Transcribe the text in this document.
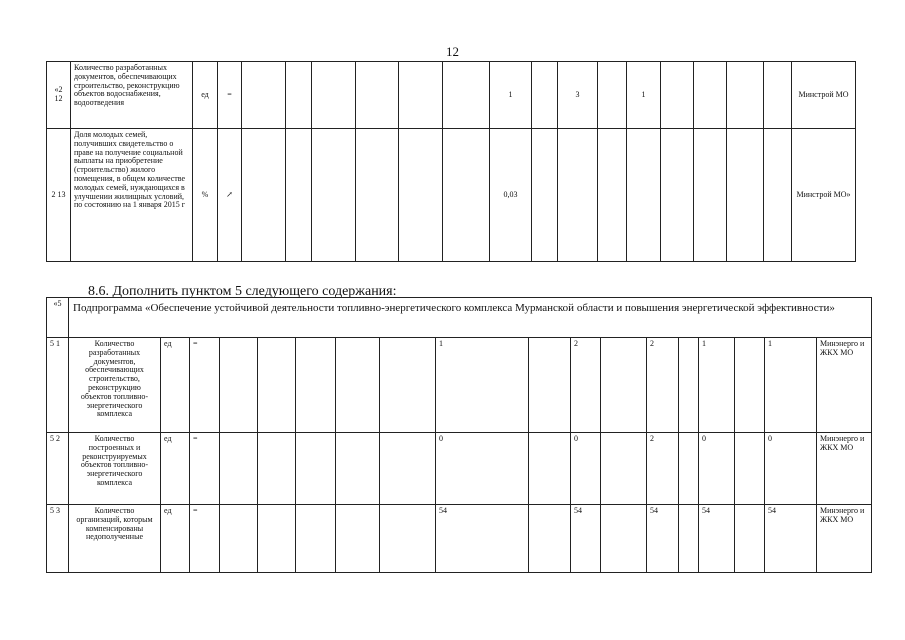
12
«2 12	Количество разработанных документов, обеспечивающих строительство, реконструкцию объектов водоснабжения, водоотведения	ед	=							1		3		1					Минстрой МО
2 13	Доля молодых семей, получивших свидетельство о праве на получение социальной выплаты на приобретение (строительство) жилого помещения, в общем количестве молодых семей, нуждающихся в улучшении жилищных условий, по состоянию на 1 января 2015 г	%	↗							0,03									Минстрой МО»
8.6. Дополнить пунктом 5 следующего содержания:
«5	Подпрограмма «Обеспечение устойчивой деятельности топливно-энергетического комплекса Мурманской области и повышения энергетической эффективности»																	
5 1	Количество разработанных документов, обеспечивающих строительство, реконструкцию объектов топливно-энергетического комплекса	ед	=						1		2		2		1		1	Минэнерго и ЖКХ МО
5 2	Количество построенных и реконструируемых объектов топливно-энергетического комплекса	ед	=						0		0		2		0		0	Минэнерго и ЖКХ МО
5 3	Количество организаций, которым компенсированы недополученные	ед	=						54		54		54		54		54	Минэнерго и ЖКХ МО
